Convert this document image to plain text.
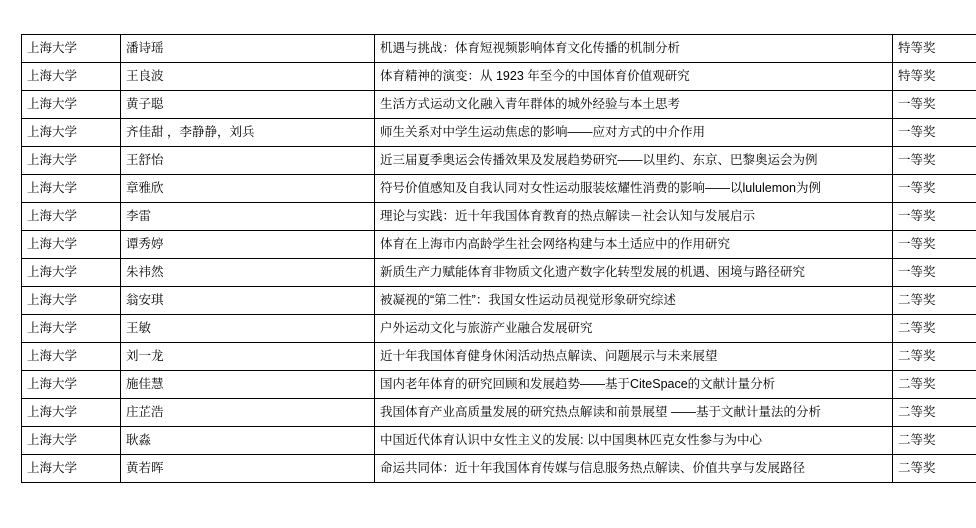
上海大学	潘诗瑶	机遇与挑战：体育短视频影响体育文化传播的机制分析	特等奖
上海大学	王良波	体育精神的演变：从 1923 年至今的中国体育价值观研究	特等奖
上海大学	黄子聪	生活方式运动文化融入青年群体的城外经验与本土思考	一等奖
上海大学	齐佳甜 ，李静静，刘兵	师生关系对中学生运动焦虑的影响——应对方式的中介作用	一等奖
上海大学	王舒怡	近三届夏季奥运会传播效果及发展趋势研究——以里约、东京、巴黎奥运会为例	一等奖
上海大学	章雅欣	符号价值感知及自我认同对女性运动服装炫耀性消费的影响——以lululemon为例	一等奖
上海大学	李雷	理论与实践：近十年我国体育教育的热点解读－社会认知与发展启示	一等奖
上海大学	谭秀婷	体育在上海市内高龄学生社会网络构建与本土适应中的作用研究	一等奖
上海大学	朱祎然	新质生产力赋能体育非物质文化遗产数字化转型发展的机遇、困境与路径研究	一等奖
上海大学	翁安琪	被凝视的“第二性”：我国女性运动员视觉形象研究综述	二等奖
上海大学	王敏	户外运动文化与旅游产业融合发展研究	二等奖
上海大学	刘一龙	近十年我国体育健身休闲活动热点解读、问题展示与未来展望	二等奖
上海大学	施佳慧	国内老年体育的研究回顾和发展趋势——基于CiteSpace的文献计量分析	二等奖
上海大学	庄芷浩	我国体育产业高质量发展的研究热点解读和前景展望 ——基于文献计量法的分析	二等奖
上海大学	耿淼	中国近代体育认识中女性主义的发展: 以中国奥林匹克女性参与为中心	二等奖
上海大学	黄若晖	命运共同体：近十年我国体育传媒与信息服务热点解读、价值共享与发展路径	二等奖
